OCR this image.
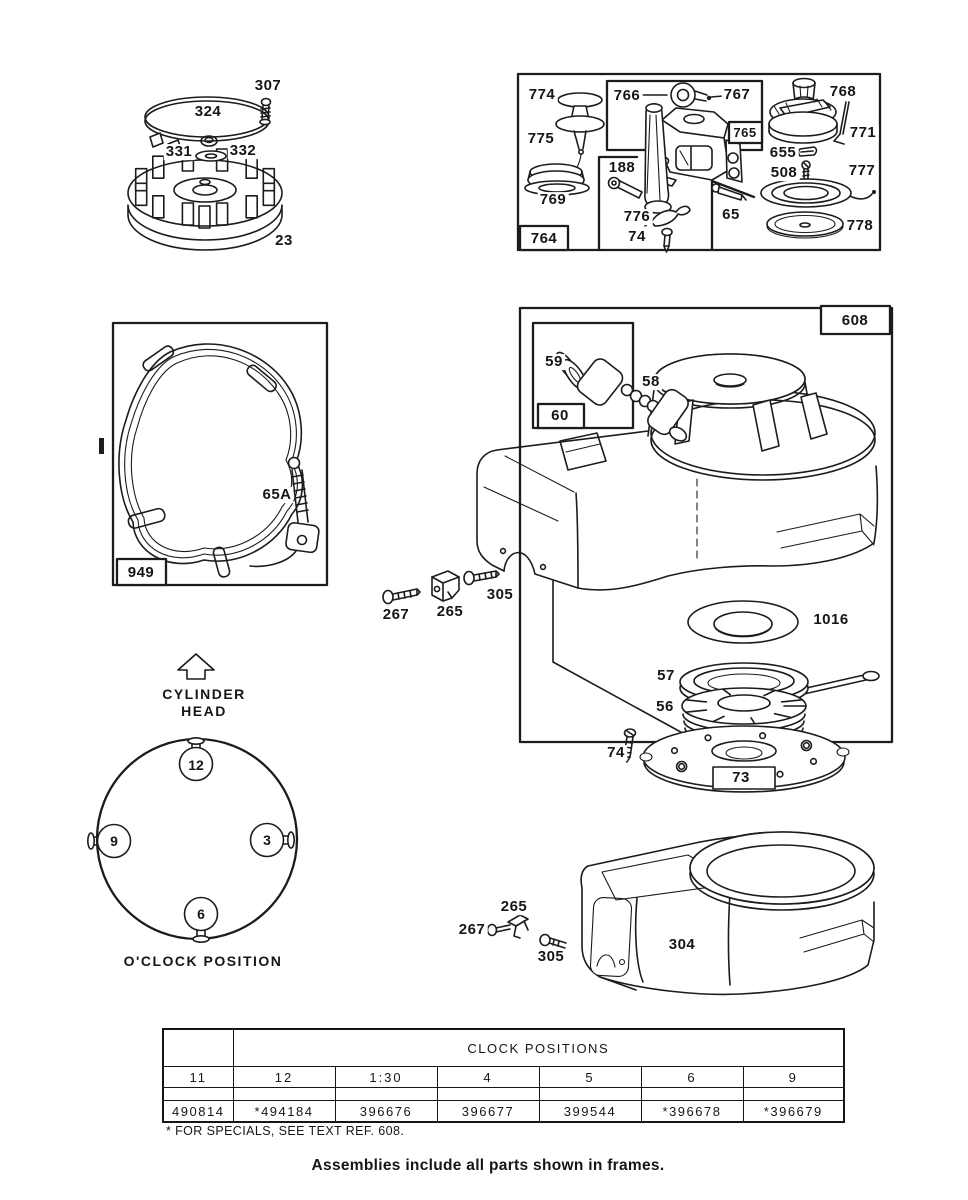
307
324
331 332
23
774
775
769
766	767
188
776
74
65
768
771
655
508	777
778
65A
59
58
267 265
305
1016
57
56
74
73
265
267
305
304
764
765
949
608
60
CYLINDER
HEAD
12
9	3
6
O'CLOCK POSITION
	CLOCK POSITIONS					
11	12	1:30	4	5	6	9

490814	*494184	396676	396677	399544	*396678	*396679
* FOR SPECIALS, SEE TEXT REF. 608.
Assemblies include all parts shown in frames.
